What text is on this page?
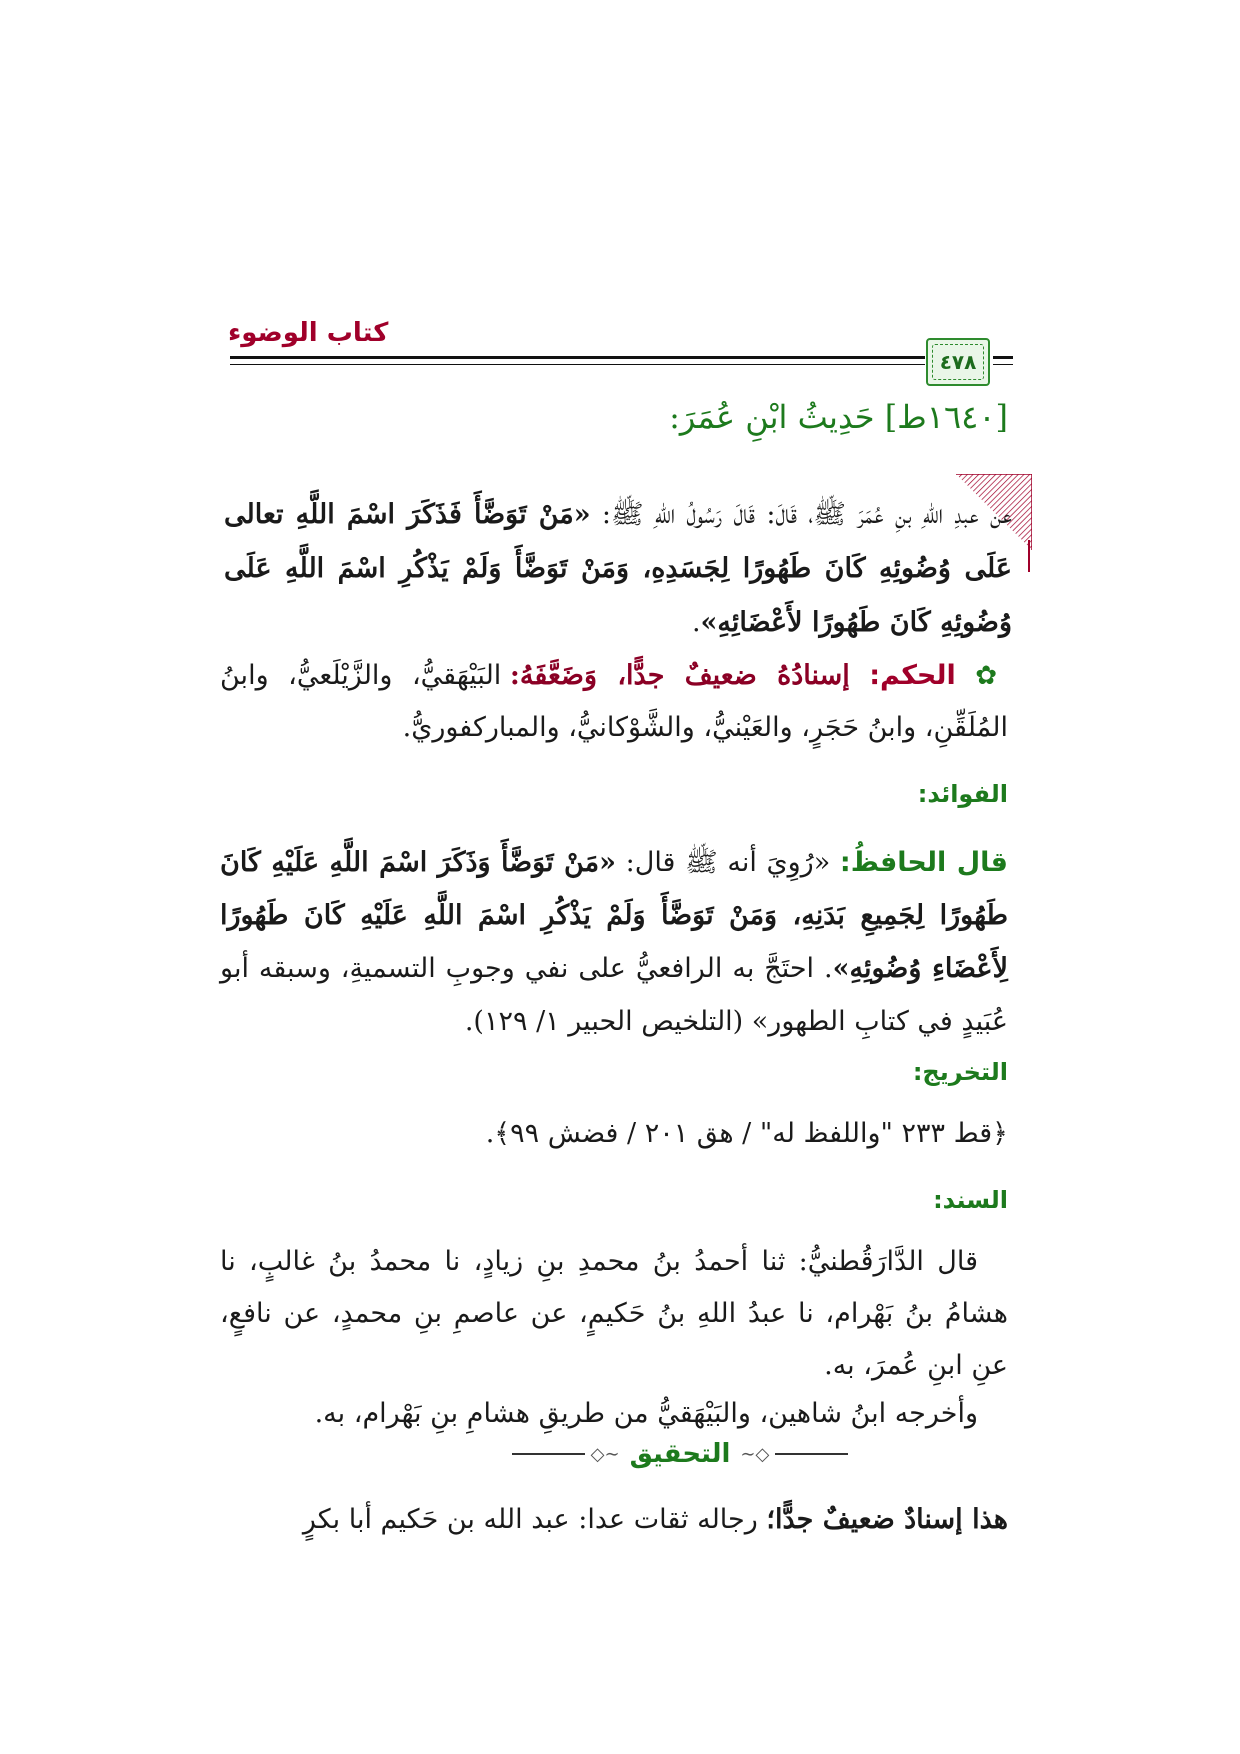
كتاب الوضوء
٤٧٨
[١٦٤٠ط] حَدِيثُ ابْنِ عُمَرَ:
عن عبدِ اللهِ بنِ عُمَرَ ﷺ، قَالَ: قَالَ رَسُولُ اللهِ ﷺ: «مَنْ تَوَضَّأَ فَذَكَرَ اسْمَ اللَّهِ تعالى عَلَى وُضُوئِهِ كَانَ طَهُورًا لِجَسَدِهِ، وَمَنْ تَوَضَّأَ وَلَمْ يَذْكُرِ اسْمَ اللَّهِ عَلَى وُضُوئِهِ كَانَ طَهُورًا لأَعْضَائِهِ».
✿ الحكم: إسنادُهُ ضعيفٌ جدًّا، وَضَعَّفَهُ: البَيْهَقيُّ، والزَّيْلَعيُّ، وابنُ المُلَقِّنِ، وابنُ حَجَرٍ، والعَيْنيُّ، والشَّوْكانيُّ، والمباركفوريُّ.
الفوائد:
قال الحافظُ: «رُوِيَ أنه ﷺ قال: «مَنْ تَوَضَّأَ وَذَكَرَ اسْمَ اللَّهِ عَلَيْهِ كَانَ طَهُورًا لِجَمِيعِ بَدَنِهِ، وَمَنْ تَوَضَّأَ وَلَمْ يَذْكُرِ اسْمَ اللَّهِ عَلَيْهِ كَانَ طَهُورًا لِأَعْضَاءِ وُضُوئِهِ». احتَجَّ به الرافعيُّ على نفي وجوبِ التسميةِ، وسبقه أبو عُبَيدٍ في كتابِ الطهور» (التلخيص الحبير ١/ ١٢٩).
التخريج:
﴿قط ٢٣٣ "واللفظ له" / هق ٢٠١ / فضش ٩٩﴾.
السند:
قال الدَّارَقُطنيُّ: ثنا أحمدُ بنُ محمدِ بنِ زيادٍ، نا محمدُ بنُ غالبٍ، نا هشامُ بنُ بَهْرام، نا عبدُ اللهِ بنُ حَكيمٍ، عن عاصمِ بنِ محمدٍ، عن نافعٍ، عنِ ابنِ عُمرَ، به.
وأخرجه ابنُ شاهين، والبَيْهَقيُّ من طريقِ هشامِ بنِ بَهْرام، به.
◇∽
التحقيق
∽◇
هذا إسنادٌ ضعيفٌ جدًّا؛ رجاله ثقات عدا: عبد الله بن حَكيم أبا بكرٍ
